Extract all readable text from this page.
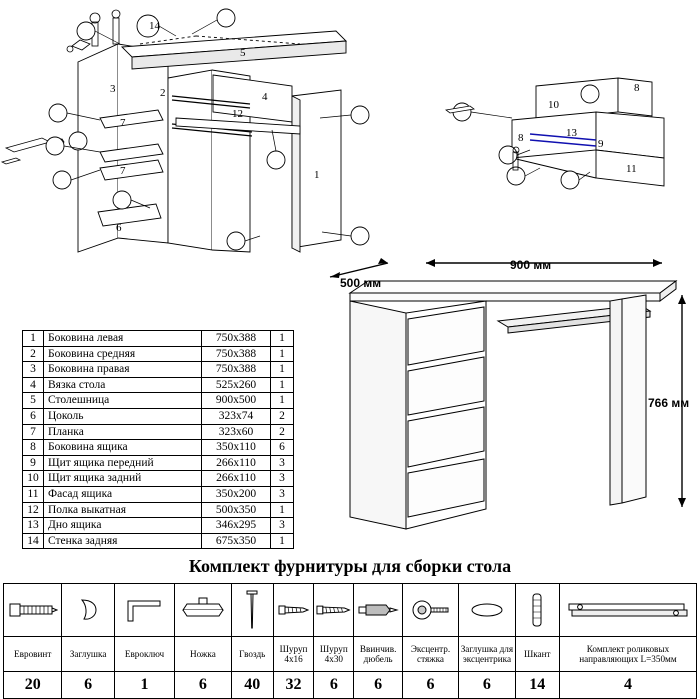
1
2
3
4
5
6
7
7
12
14
10
8
8
9
13
11
500 мм
900 мм
766 мм
1	Боковина левая	750х388	1
2	Боковина средняя	750х388	1
3	Боковина правая	750х388	1
4	Вязка стола	525х260	1
5	Столешница	900х500	1
6	Цоколь	323х74	2
7	Планка	323х60	2
8	Боковина ящика	350х110	6
9	Щит ящика передний	266х110	3
10	Щит ящика задний	266х110	3
11	Фасад ящика	350х200	3
12	Полка выкатная	500х350	1
13	Дно ящика	346х295	3
14	Стенка задняя	675х350	1
Комплект фурнитуры для сборки стола

Евровинт	Заглушка	Евроключ	Ножка	Гвоздь	Шуруп 4х16	Шуруп 4х30	Ввинчив. дюбель	Эксцентр. стяжка	Заглушка для эксцентрика	Шкант	Комплект роликовых направляющих L=350мм
20	6	1	6	40	32	6	6	6	6	14	4
